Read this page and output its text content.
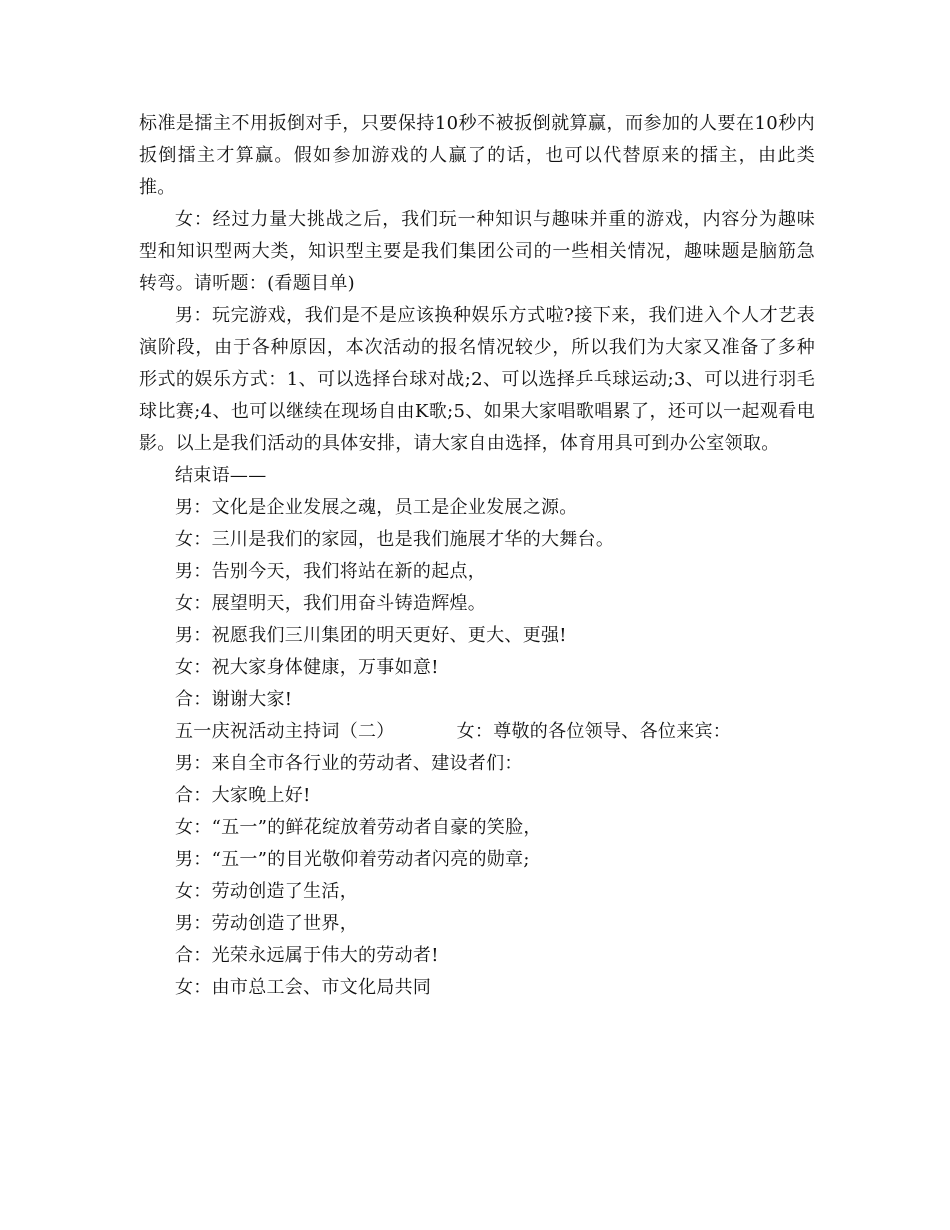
标准是擂主不用扳倒对手，只要保持10秒不被扳倒就算赢，而参加的人要在10秒内扳倒擂主才算赢。假如参加游戏的人赢了的话，也可以代替原来的擂主，由此类推。

女：经过力量大挑战之后，我们玩一种知识与趣味并重的游戏，内容分为趣味型和知识型两大类，知识型主要是我们集团公司的一些相关情况，趣味题是脑筋急转弯。请听题：(看题目单)

男：玩完游戏，我们是不是应该换种娱乐方式啦?接下来，我们进入个人才艺表演阶段，由于各种原因，本次活动的报名情况较少，所以我们为大家又准备了多种形式的娱乐方式：1、可以选择台球对战;2、可以选择乒乓球运动;3、可以进行羽毛球比赛;4、也可以继续在现场自由K歌;5、如果大家唱歌唱累了，还可以一起观看电影。以上是我们活动的具体安排，请大家自由选择，体育用具可到办公室领取。

结束语——

男：文化是企业发展之魂，员工是企业发展之源。

女：三川是我们的家园，也是我们施展才华的大舞台。

男：告别今天，我们将站在新的起点，

女：展望明天，我们用奋斗铸造辉煌。

男：祝愿我们三川集团的明天更好、更大、更强!

女：祝大家身体健康，万事如意!

合：谢谢大家!

五一庆祝活动主持词（二）	女：尊敬的各位领导、各位来宾：

男：来自全市各行业的劳动者、建设者们：

合：大家晚上好!

女：“五一”的鲜花绽放着劳动者自豪的笑脸，

男：“五一”的目光敬仰着劳动者闪亮的勋章;

女：劳动创造了生活，

男：劳动创造了世界，

合：光荣永远属于伟大的劳动者!

女：由市总工会、市文化局共同
